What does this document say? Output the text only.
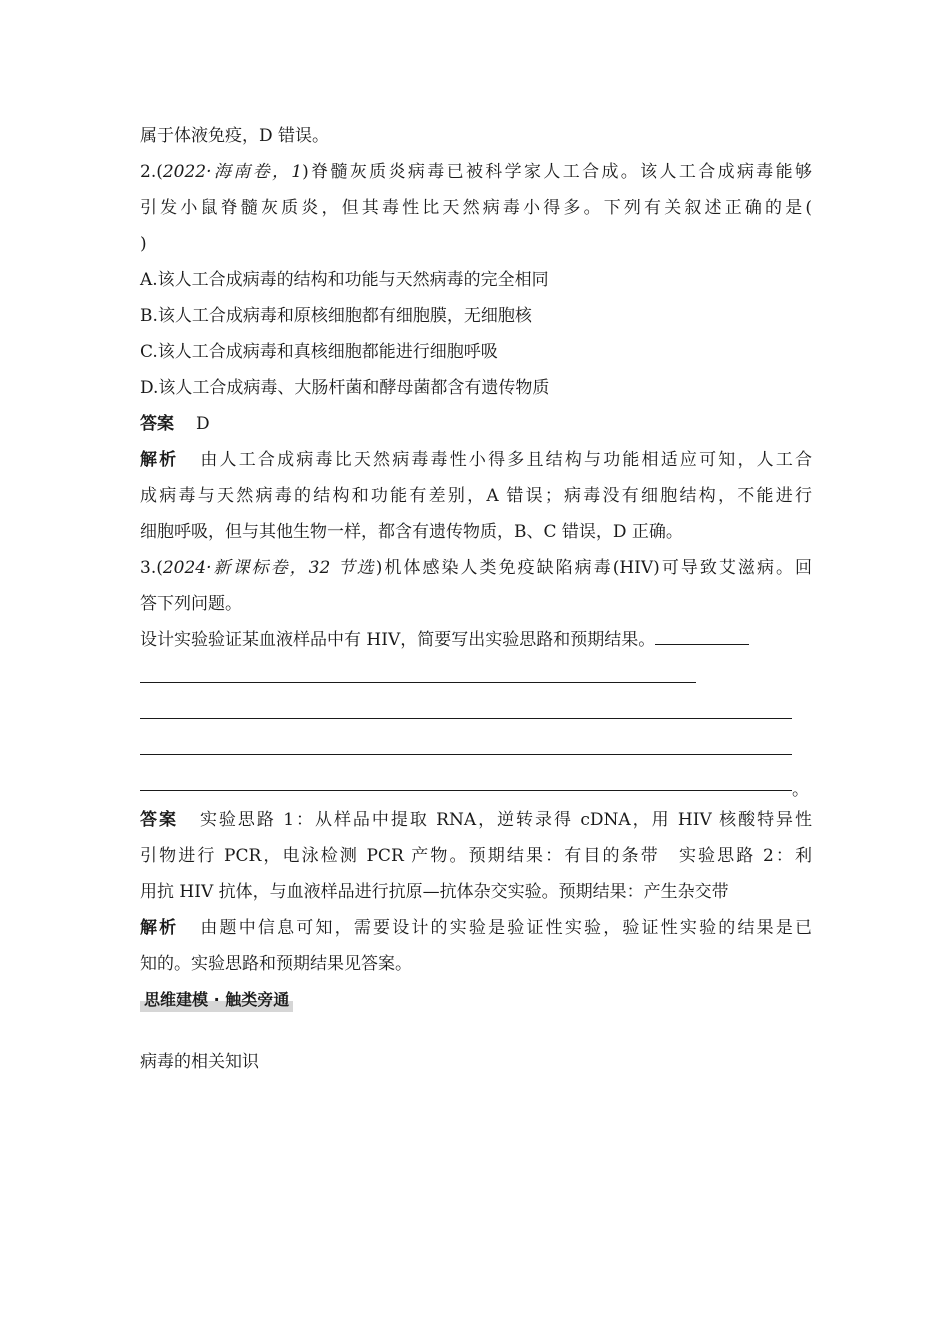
属于体液免疫，D 错误。
2.(2022·海南卷，1)脊髓灰质炎病毒已被科学家人工合成。该人工合成病毒能够
引发小鼠脊髓灰质炎，但其毒性比天然病毒小得多。下列有关叙述正确的是(
)
A.该人工合成病毒的结构和功能与天然病毒的完全相同
B.该人工合成病毒和原核细胞都有细胞膜，无细胞核
C.该人工合成病毒和真核细胞都能进行细胞呼吸
D.该人工合成病毒、大肠杆菌和酵母菌都含有遗传物质
答案 D
解析 由人工合成病毒比天然病毒毒性小得多且结构与功能相适应可知，人工合
成病毒与天然病毒的结构和功能有差别，A 错误；病毒没有细胞结构，不能进行
细胞呼吸，但与其他生物一样，都含有遗传物质，B、C 错误，D 正确。
3.(2024·新课标卷，32 节选)机体感染人类免疫缺陷病毒(HIV)可导致艾滋病。回
答下列问题。
设计实验验证某血液样品中有 HIV，简要写出实验思路和预期结果。
。
答案 实验思路 1：从样品中提取 RNA，逆转录得 cDNA，用 HIV 核酸特异性
引物进行 PCR，电泳检测 PCR 产物。预期结果：有目的条带　实验思路 2：利
用抗 HIV 抗体，与血液样品进行抗原—抗体杂交实验。预期结果：产生杂交带
解析 由题中信息可知，需要设计的实验是验证性实验，验证性实验的结果是已
知的。实验思路和预期结果见答案。
思维建模 · 触类旁通
病毒的相关知识
